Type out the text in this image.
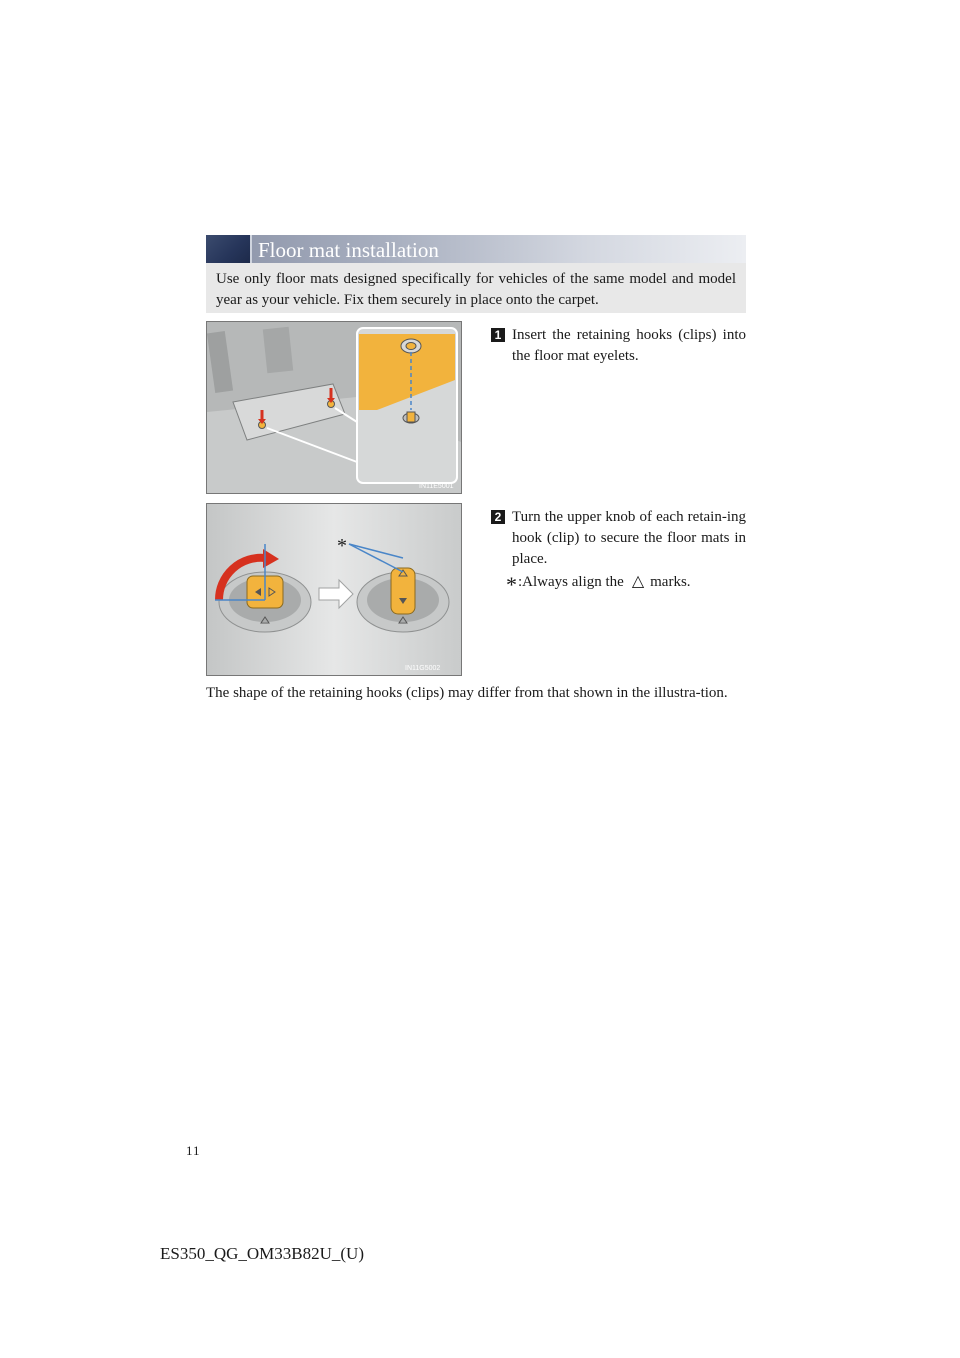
Floor mat installation
Use only floor mats designed specifically for vehicles of the same model and model year as your vehicle. Fix them securely in place onto the carpet.
IN11E5001
1 Insert the retaining hooks (clips) into the floor mat eyelets.
*
IN11G5002
2 Turn the upper knob of each retain-ing hook (clip) to secure the floor mats in place.
*:Always align the △ marks.
The shape of the retaining hooks (clips) may differ from that shown in the illustra-tion.
11
ES350_QG_OM33B82U_(U)
